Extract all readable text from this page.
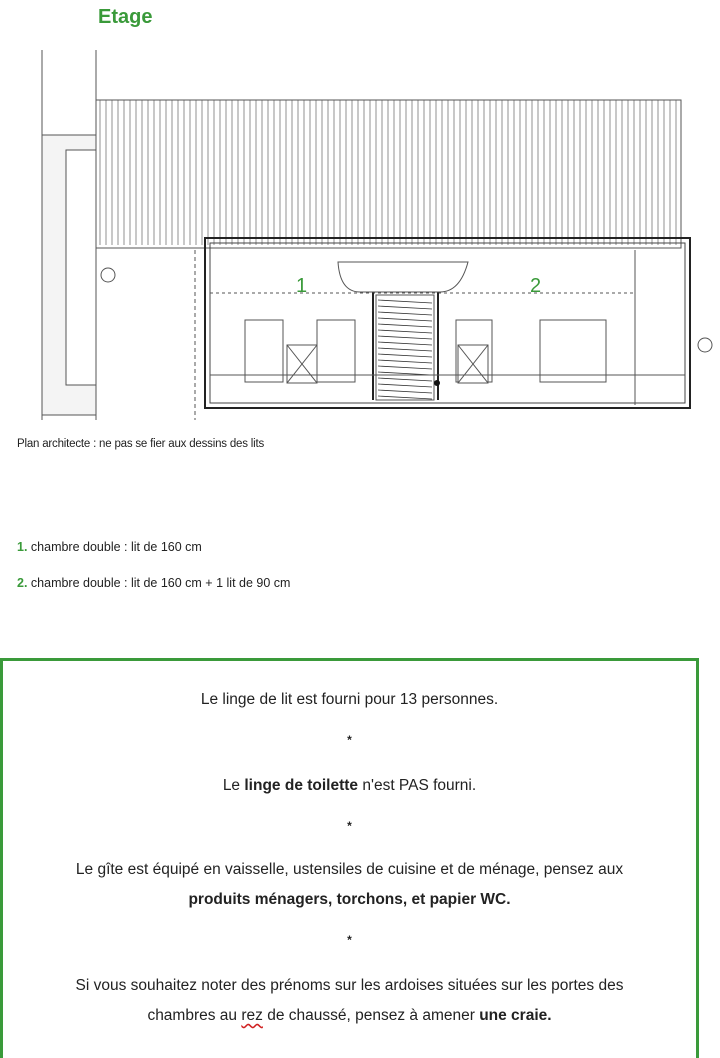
Etage
1	2
Plan architecte : ne pas se fier aux dessins des lits
1. chambre double : lit de 160 cm
2. chambre double : lit de 160 cm + 1 lit de 90 cm
Le linge de lit est fourni pour 13 personnes.
*
Le linge de toilette n'est PAS fourni.
*
Le gîte est équipé en vaisselle, ustensiles de cuisine et de ménage, pensez aux
produits ménagers, torchons, et papier WC.
*
Si vous souhaitez noter des prénoms sur les ardoises situées sur les portes des
chambres au rez de chaussé, pensez à amener une craie.
